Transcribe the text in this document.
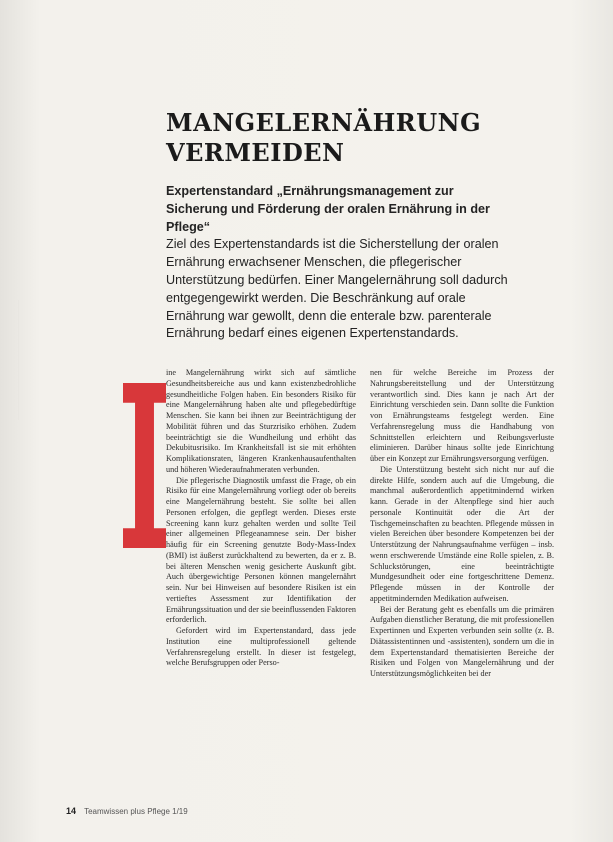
MANGELERNÄHRUNG
VERMEIDEN
Expertenstandard „Ernährungsmanagement zur Sicherung und Förderung der oralen Ernährung in der Pflege“
Ziel des Expertenstandards ist die Sicherstellung der oralen Ernährung erwachsener Menschen, die pflegerischer Unterstützung bedürfen. Einer Mangelernährung soll dadurch entgegengewirkt werden. Die Beschränkung auf orale Ernährung war gewollt, denn die enterale bzw. parenterale Ernährung bedarf eines eigenen Expertenstandards.

ine Mangelernährung wirkt sich auf sämtliche Gesundheitsbereiche aus und kann existenzbedrohliche gesundheitliche Folgen haben. Ein besonders Risiko für eine Mangelernährung haben alte und pflegebedürftige Menschen. Sie kann bei ihnen zur Beeinträchtigung der Mobilität führen und das Sturzrisiko erhöhen. Zudem beeinträchtigt sie die Wundheilung und erhöht das Dekubitusrisiko. Im Krankheitsfall ist sie mit erhöhten Komplikationsraten, längeren Krankenhausaufenthalten und höheren Wiederaufnahmeraten verbunden.

Die pflegerische Diagnostik umfasst die Frage, ob ein Risiko für eine Mangelernährung vorliegt oder ob bereits eine Mangelernährung besteht. Sie sollte bei allen Personen erfolgen, die gepflegt werden. Dieses erste Screening kann kurz gehalten werden und sollte Teil einer allgemeinen Pflegeanamnese sein. Der bisher häufig für ein Screening genutzte Body-Mass-Index (BMI) ist äußerst zurückhaltend zu bewerten, da er z. B. bei älteren Menschen wenig gesicherte Auskunft gibt. Auch übergewichtige Personen können mangelernährt sein. Nur bei Hinweisen auf besondere Risiken ist ein vertieftes Assessment zur Identifikation der Ernährungssituation und der sie beeinflussenden Faktoren erforderlich.

Gefordert wird im Expertenstandard, dass jede Institution eine multiprofessionell geltende Verfahrensregelung erstellt. In dieser ist festgelegt, welche Berufsgruppen oder Perso-

nen für welche Bereiche im Prozess der Nahrungsbereitstellung und der Unterstützung verantwortlich sind. Dies kann je nach Art der Einrichtung verschieden sein. Dann sollte die Funktion von Ernährungsteams festgelegt werden. Eine Verfahrensregelung muss die Handhabung von Schnittstellen erleichtern und Reibungsverluste eliminieren. Darüber hinaus sollte jede Einrichtung über ein Konzept zur Ernährungsversorgung verfügen.

Die Unterstützung besteht sich nicht nur auf die direkte Hilfe, sondern auch auf die Umgebung, die manchmal außerordentlich appetitmindernd wirken kann. Gerade in der Altenpflege sind hier auch personale Kontinuität oder die Art der Tischgemeinschaften zu beachten. Pflegende müssen in vielen Bereichen über besondere Kompetenzen bei der Unterstützung der Nahrungsaufnahme verfügen – insb. wenn erschwerende Umstände eine Rolle spielen, z. B. Schluckstörungen, eine beeinträchtigte Mundgesundheit oder eine fortgeschrittene Demenz. Pflegende müssen in der Kontrolle der appetitmindernden Medikation aufweisen.

Bei der Beratung geht es ebenfalls um die primären Aufgaben dienstlicher Beratung, die mit professionellen Expertinnen und Experten verbunden sein sollte (z. B. Diätassistentinnen und -assistenten), sondern um die in dem Expertenstandard thematisierten Bereiche der Risiken und Folgen von Mangelernährung und der Unterstützungsmöglichkeiten bei der

14 Teamwissen plus Pflege 1/19
